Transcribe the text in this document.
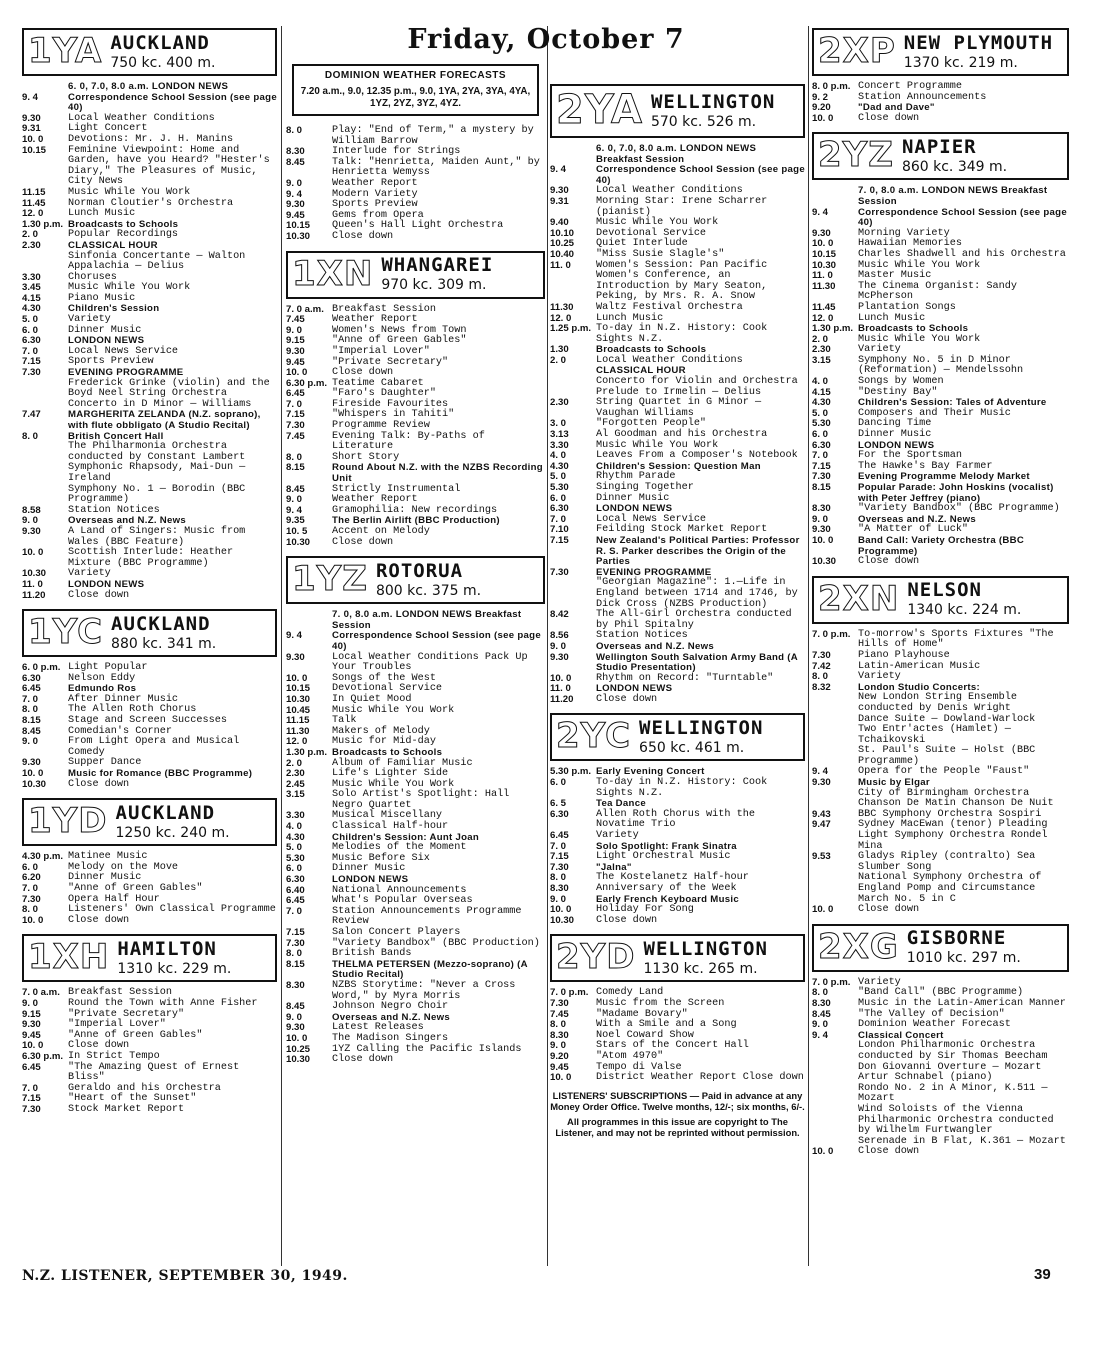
Friday, October 7
1YA AUCKLAND
750 kc. 400 m.
6. 0, 7.0, 8.0 a.m. LONDON NEWS
9. 4	Correspondence School Session (see page 40)
9.30	Local Weather Conditions
9.31	Light Concert
10. 0	Devotions: Mr. J. H. Manins
10.15	Feminine Viewpoint: Home and Garden, have you Heard? "Hester's Diary," The Pleasures of Music, City News
11.15	Music While You Work
11.45	Norman Cloutier's Orchestra
12. 0	Lunch Music
1.30 p.m. Broadcasts to Schools
2. 0	Popular Recordings
2.30	CLASSICAL HOUR
Sinfonia Concertante — Walton
Appalachia — Delius
3.30	Choruses
3.45	Music While You Work
4.15	Piano Music
4.30	Children's Session
5. 0	Variety
6. 0	Dinner Music
6.30	LONDON NEWS
7. 0	Local News Service
7.15	Sports Preview
7.30	EVENING PROGRAMME
Frederick Grinke (violin) and the Boyd Neel String Orchestra
Concerto in D Minor — Williams
7.47	MARGHERITA ZELANDA (N.Z. soprano), with flute obbligato (A Studio Recital)
8. 0	British Concert Hall
The Philharmonia Orchestra conducted by Constant Lambert
Symphonic Rhapsody, Mai-Dun — Ireland
Symphony No. 1 — Borodin (BBC Programme)
8.58	Station Notices
9. 0	Overseas and N.Z. News
9.30	A Land of Singers: Music from Wales (BBC Feature)
10. 0	Scottish Interlude: Heather Mixture (BBC Programme)
10.30	Variety
11. 0	LONDON NEWS
11.20	Close down
1YC AUCKLAND
880 kc. 341 m.
6. 0 p.m. Light Popular
6.30	Nelson Eddy
6.45	Edmundo Ros
7. 0	After Dinner Music
8. 0	The Allen Roth Chorus
8.15	Stage and Screen Successes
8.45	Comedian's Corner
9. 0	From Light Opera and Musical Comedy
9.30	Supper Dance
10. 0	Music for Romance (BBC Programme)
10.30	Close down
1YD AUCKLAND
1250 kc. 240 m.
4.30 p.m. Matinee Music
6. 0	Melody on the Move
6.20	Dinner Music
7. 0	"Anne of Green Gables"
7.30	Opera Half Hour
8. 0	Listeners' Own Classical Programme
10. 0	Close down
1XH HAMILTON
1310 kc. 229 m.
7. 0 a.m. Breakfast Session
9. 0	Round the Town with Anne Fisher
9.15	"Private Secretary"
9.30	"Imperial Lover"
9.45	"Anne of Green Gables"
10. 0	Close down
6.30 p.m. In Strict Tempo
6.45	"The Amazing Quest of Ernest Bliss"
7. 0	Geraldo and his Orchestra
7.15	"Heart of the Sunset"
7.30	Stock Market Report
DOMINION WEATHER FORECASTS
7.20 a.m., 9.0, 12.35 p.m., 9.0, 1YA, 2YA, 3YA, 4YA, 1YZ, 2YZ, 3YZ, 4YZ.
8. 0	Play: "End of Term," a mystery by William Barrow
8.30	Interlude for Strings
8.45	Talk: "Henrietta, Maiden Aunt," by Henrietta Wemyss
9. 0	Weather Report
9. 4	Modern Variety
9.30	Sports Preview
9.45	Gems from Opera
10.15	Queen's Hall Light Orchestra
10.30	Close down
1XN WHANGAREI
970 kc. 309 m.
7. 0 a.m. Breakfast Session
7.45	Weather Report
9. 0	Women's News from Town
9.15	"Anne of Green Gables"
9.30	"Imperial Lover"
9.45	"Private Secretary"
10. 0	Close down
6.30 p.m. Teatime Cabaret
6.45	"Faro's Daughter"
7. 0	Fireside Favourites
7.15	"Whispers in Tahiti"
7.30	Programme Review
7.45	Evening Talk: By-Paths of Literature
8. 0	Short Story
8.15	Round About N.Z. with the NZBS Recording Unit
8.45	Strictly Instrumental
9. 0	Weather Report
9. 4	Gramophilia: New recordings
9.35	The Berlin Airlift (BBC Production)
10. 5	Accent on Melody
10.30	Close down
1YZ ROTORUA
800 kc. 375 m.
7. 0, 8.0 a.m. LONDON NEWS Breakfast Session
9. 4	Correspondence School Session (see page 40)
9.30	Local Weather Conditions Pack Up Your Troubles
10. 0	Songs of the West
10.15	Devotional Service
10.30	In Quiet Mood
10.45	Music While You Work
11.15	Talk
11.30	Makers of Melody
12. 0	Music for Mid-day
1.30 p.m. Broadcasts to Schools
2. 0	Album of Familiar Music
2.30	Life's Lighter Side
2.45	Music While You Work
3.15	Solo Artist's Spotlight: Hall Negro Quartet
3.30	Musical Miscellany
4. 0	Classical Half-hour
4.30	Children's Session: Aunt Joan
5. 0	Melodies of the Moment
5.30	Music Before Six
6. 0	Dinner Music
6.30	LONDON NEWS
6.40	National Announcements
6.45	What's Popular Overseas
7. 0	Station Announcements Programme Review
7.15	Salon Concert Players
7.30	"Variety Bandbox" (BBC Production)
8. 0	British Bands
8.15	THELMA PETERSEN (Mezzo-soprano) (A Studio Recital)
8.30	NZBS Storytime: "Never a Cross Word," by Myra Morris
8.45	Johnson Negro Choir
9. 0	Overseas and N.Z. News
9.30	Latest Releases
10. 0	The Madison Singers
10.25	1YZ Calling the Pacific Islands
10.30	Close down
2YA WELLINGTON
570 kc. 526 m.
6. 0, 7.0, 8.0 a.m. LONDON NEWS Breakfast Session
9. 4	Correspondence School Session (see page 40)
9.30	Local Weather Conditions
9.31	Morning Star: Irene Scharrer (pianist)
9.40	Music While You Work
10.10	Devotional Service
10.25	Quiet Interlude
10.40	"Miss Susie Slagle's"
11. 0	Women's Session: Pan Pacific Women's Conference, an Introduction by Mary Seaton, Peking, by Mrs. R. A. Snow
11.30	Waltz Festival Orchestra
12. 0	Lunch Music
1.25 p.m. To-day in N.Z. History: Cook Sights N.Z.
1.30	Broadcasts to Schools
2. 0	Local Weather Conditions
CLASSICAL HOUR
Concerto for Violin and Orchestra
Prelude to Irmelin — Delius
2.30	String Quartet in G Minor — Vaughan Williams
3. 0	"Forgotten People"
3.13	Al Goodman and his Orchestra
3.30	Music While You Work
4. 0	Leaves From a Composer's Notebook
4.30	Children's Session: Question Man
5. 0	Rhythm Parade
5.30	Singing Together
6. 0	Dinner Music
6.30	LONDON NEWS
7. 0	Local News Service
7.10	Feilding Stock Market Report
7.15	New Zealand's Political Parties: Professor R. S. Parker describes the Origin of the Parties
7.30	EVENING PROGRAMME
"Georgian Magazine": 1.—Life in England between 1714 and 1746, by Dick Cross (NZBS Production)
8.42	The All-Girl Orchestra conducted by Phil Spitalny
8.56	Station Notices
9. 0	Overseas and N.Z. News
9.30	Wellington South Salvation Army Band (A Studio Presentation)
10. 0	Rhythm on Record: "Turntable"
11. 0	LONDON NEWS
11.20	Close down
2YC WELLINGTON
650 kc. 461 m.
5.30 p.m. Early Evening Concert
6. 0	To-day in N.Z. History: Cook Sights N.Z.
6. 5	Tea Dance
6.30	Allen Roth Chorus with the Novatime Trio
6.45	Variety
7. 0	Solo Spotlight: Frank Sinatra
7.15	Light Orchestral Music
7.30	"Jalna"
8. 0	The Kostelanetz Half-hour
8.30	Anniversary of the Week
9. 0	Early French Keyboard Music
10. 0	Holiday For Song
10.30	Close down
2YD WELLINGTON
1130 kc. 265 m.
7. 0 p.m. Comedy Land
7.30	Music from the Screen
7.45	"Madame Bovary"
8. 0	With a Smile and a Song
8.30	Noel Coward Show
9. 0	Stars of the Concert Hall
9.20	"Atom 4970"
9.45	Tempo di Valse
10. 0	District Weather Report Close down
LISTENERS' SUBSCRIPTIONS — Paid in advance at any Money Order Office. Twelve months, 12/-; six months, 6/-.
All programmes in this issue are copyright to The Listener, and may not be reprinted without permission.
2XP NEW PLYMOUTH
1370 kc. 219 m.
8. 0 p.m. Concert Programme
9. 2	Station Announcements
9.20	"Dad and Dave"
10. 0	Close down
2YZ NAPIER
860 kc. 349 m.
7. 0, 8.0 a.m. LONDON NEWS Breakfast Session
9. 4	Correspondence School Session (see page 40)
9.30	Morning Variety
10. 0	Hawaiian Memories
10.15	Charles Shadwell and his Orchestra
10.30	Music While You Work
11. 0	Master Music
11.30	The Cinema Organist: Sandy McPherson
11.45	Plantation Songs
12. 0	Lunch Music
1.30 p.m. Broadcasts to Schools
2. 0	Music While You Work
2.30	Variety
3.15	Symphony No. 5 in D Minor (Reformation) — Mendelssohn
4. 0	Songs by Women
4.15	"Destiny Bay"
4.30	Children's Session: Tales of Adventure
5. 0	Composers and Their Music
5.30	Dancing Time
6. 0	Dinner Music
6.30	LONDON NEWS
7. 0	For the Sportsman
7.15	The Hawke's Bay Farmer
7.30	Evening Programme Melody Market
8.15	Popular Parade: John Hoskins (vocalist) with Peter Jeffrey (piano)
8.30	"Variety Bandbox" (BBC Programme)
9. 0	Overseas and N.Z. News
9.30	"A Matter of Luck"
10. 0	Band Call: Variety Orchestra (BBC Programme)
10.30	Close down
2XN NELSON
1340 kc. 224 m.
7. 0 p.m. To-morrow's Sports Fixtures "The Hills of Home"
7.30	Piano Playhouse
7.42	Latin-American Music
8. 0	Variety
8.32	London Studio Concerts:
New London String Ensemble conducted by Denis Wright
Dance Suite — Dowland-Warlock
Two Entr'actes (Hamlet) — Tchaikovski
St. Paul's Suite — Holst (BBC Programme)
9. 4	Opera for the People "Faust"
9.30	Music by Elgar
City of Birmingham Orchestra Chanson De Matin Chanson De Nuit
9.43	BBC Symphony Orchestra Sospiri
9.47	Sydney MacEwan (tenor) Pleading
Light Symphony Orchestra Rondel Mina
9.53	Gladys Ripley (contralto) Sea Slumber Song
National Symphony Orchestra of England Pomp and Circumstance March No. 5 in C
10. 0	Close down
2XG GISBORNE
1010 kc. 297 m.
7. 0 p.m. Variety
8. 0	"Band Call" (BBC Programme)
8.30	Music in the Latin-American Manner
8.45	"The Valley of Decision"
9. 0	Dominion Weather Forecast
9. 4	Classical Concert
London Philharmonic Orchestra conducted by Sir Thomas Beecham
Don Giovanni Overture — Mozart
Artur Schnabel (piano)
Rondo No. 2 in A Minor, K.511 — Mozart
Wind Soloists of the Vienna Philharmonic Orchestra conducted by Wilhelm Furtwangler
Serenade in B Flat, K.361 — Mozart
10. 0	Close down
N.Z. LISTENER, SEPTEMBER 30, 1949.	39
